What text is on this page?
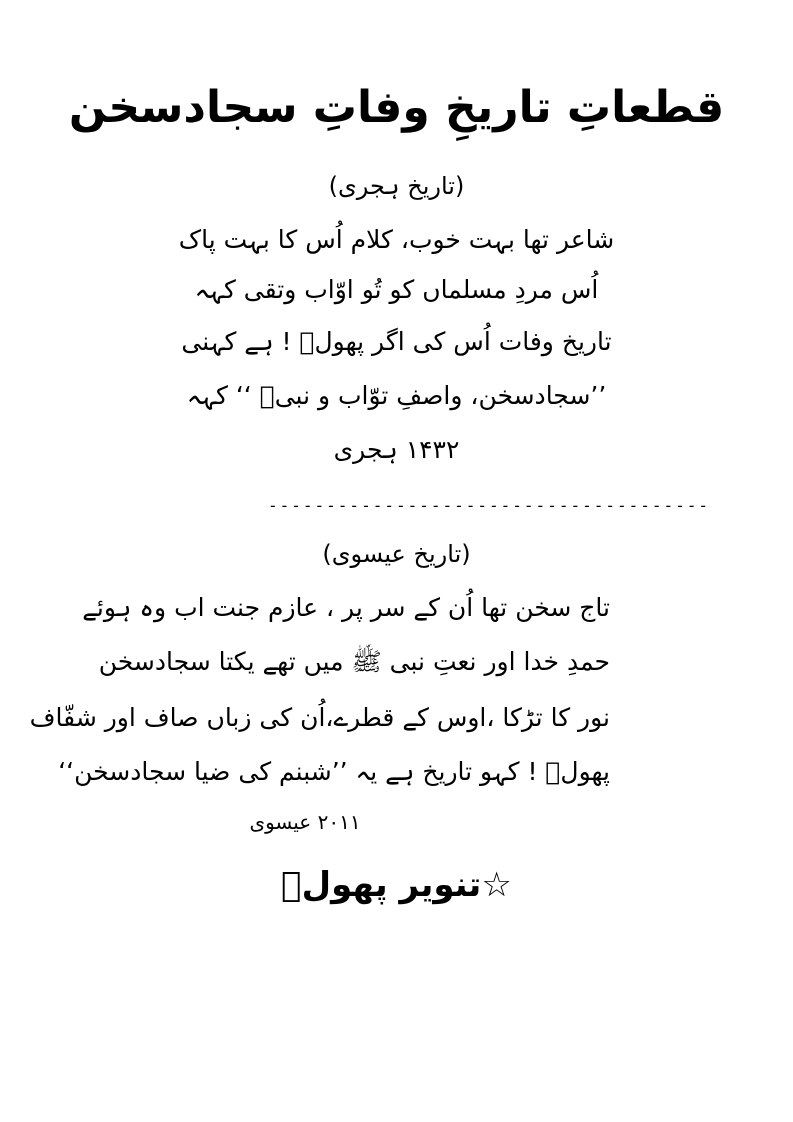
قطعاتِ تاریخِ وفاتِ سجادسخن
(تاریخ ہجری)
شاعر تھا بہت خوب، کلام اُس کا بہت پاک
اُس مردِ مسلماں کو تُو اوّاب وتقی کہہ
تاریخ وفات اُس کی اگر پھولؔ ! ہے کہنی
’’سجادسخن، واصفِ توّاب و نبیؐ ‘‘ کہہ
۱۴۳۲ ہجری
--------------------------------------
(تاریخ عیسوی)
تاج سخن تھا اُن کے سر پر ، عازم جنت اب وہ ہوئے
حمدِ خدا اور نعتِ نبی ﷺ میں تھے یکتا سجادسخن
نور کا تڑکا ،اوس کے قطرے،اُن کی زباں صاف اور شفّاف
پھولؔ ! کہو تاریخ ہے یہ ’’شبنم کی ضیا سجادسخن‘‘
۲۰۱۱ عیسوی
☆تنویر پھولؔ
